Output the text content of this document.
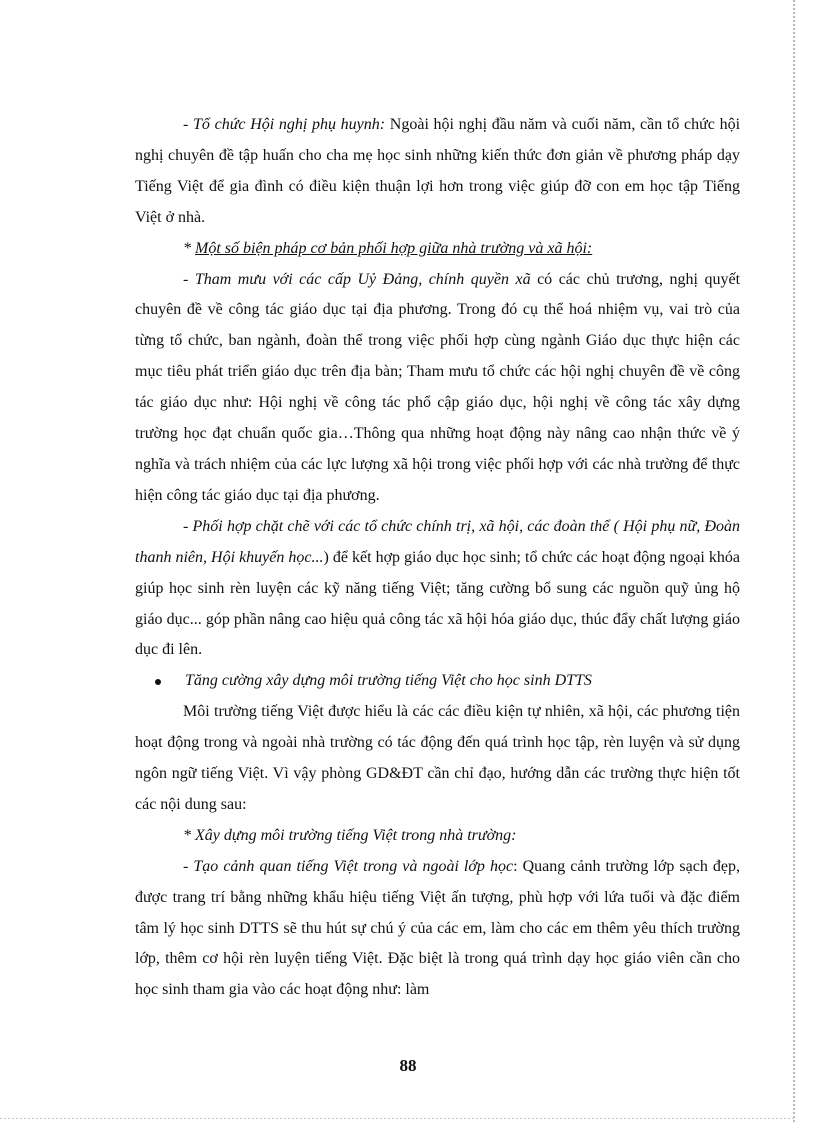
- Tổ chức Hội nghị phụ huynh: Ngoài hội nghị đầu năm và cuối năm, cần tổ chức hội nghị chuyên đề tập huấn cho cha mẹ học sinh những kiến thức đơn giản về phương pháp dạy Tiếng Việt để gia đình có điều kiện thuận lợi hơn trong việc giúp đỡ con em học tập Tiếng Việt ở nhà.

* Một số biện pháp cơ bản phối hợp giữa nhà trường và xã hội:

- Tham mưu với các cấp Uỷ Đảng, chính quyền xã có các chủ trương, nghị quyết chuyên đề về công tác giáo dục tại địa phương. Trong đó cụ thể hoá nhiệm vụ, vai trò của từng tổ chức, ban ngành, đoàn thể trong việc phối hợp cùng ngành Giáo dục thực hiện các mục tiêu phát triển giáo dục trên địa bàn; Tham mưu tổ chức các hội nghị chuyên đề về công tác giáo dục như: Hội nghị về công tác phổ cập giáo dục, hội nghị về công tác xây dựng trường học đạt chuẩn quốc gia…Thông qua những hoạt động này nâng cao nhận thức về ý nghĩa và trách nhiệm của các lực lượng xã hội trong việc phối hợp với các nhà trường để thực hiện công tác giáo dục tại địa phương.

- Phối hợp chặt chẽ với các tổ chức chính trị, xã hội, các đoàn thể ( Hội phụ nữ, Đoàn thanh niên, Hội khuyến học...) để kết hợp giáo dục học sinh; tổ chức các hoạt động ngoại khóa giúp học sinh rèn luyện các kỹ năng tiếng Việt; tăng cường bổ sung các nguồn quỹ ủng hộ giáo dục... góp phần nâng cao hiệu quả công tác xã hội hóa giáo dục, thúc đẩy chất lượng giáo dục đi lên.

Tăng cường xây dựng môi trường tiếng Việt cho học sinh DTTS

Môi trường tiếng Việt được hiểu là các các điều kiện tự nhiên, xã hội, các phương tiện hoạt động trong và ngoài nhà trường có tác động đến quá trình học tập, rèn luyện và sử dụng ngôn ngữ tiếng Việt. Vì vậy phòng GD&ĐT cần chỉ đạo, hướng dẫn các trường thực hiện tốt các nội dung sau:

* Xây dựng môi trường tiếng Việt trong nhà trường:

- Tạo cảnh quan tiếng Việt trong và ngoài lớp học: Quang cảnh trường lớp sạch đẹp, được trang trí bằng những khẩu hiệu tiếng Việt ấn tượng, phù hợp với lứa tuổi và đặc điểm tâm lý học sinh DTTS sẽ thu hút sự chú ý của các em, làm cho các em thêm yêu thích trường lớp, thêm cơ hội rèn luyện tiếng Việt. Đặc biệt là trong quá trình dạy học giáo viên cần cho học sinh tham gia vào các hoạt động như: làm

88
